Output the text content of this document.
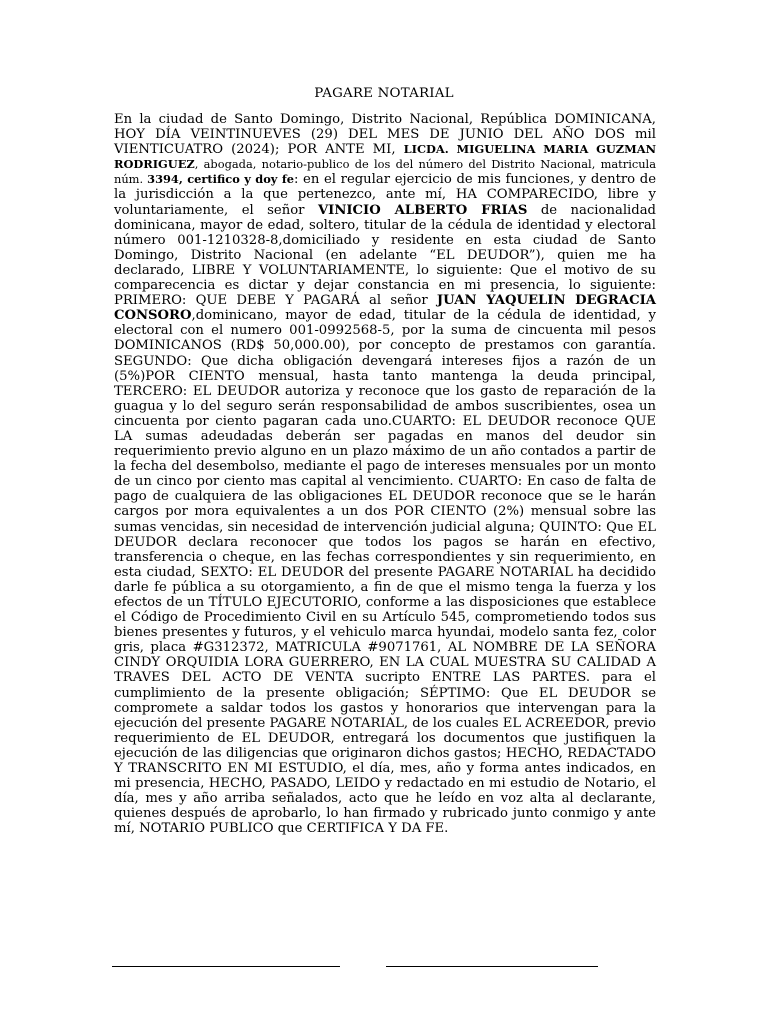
PAGARE NOTARIAL
En la ciudad de Santo Domingo, Distrito Nacional, República DOMINICANA, HOY DÍA VEINTINUEVES (29) DEL MES DE JUNIO DEL AÑO DOS mil VIENTICUATRO (2024); POR ANTE MI, LICDA. MIGUELINA MARIA GUZMAN RODRIGUEZ, abogada, notario-publico de los del número del Distrito Nacional, matricula núm. 3394, certifico y doy fe: en el regular ejercicio de mis funciones, y dentro de la jurisdicción a la que pertenezco, ante mí, HA COMPARECIDO, libre y voluntariamente, el señor VINICIO ALBERTO FRIAS de nacionalidad dominicana, mayor de edad, soltero, titular de la cédula de identidad y electoral número 001-1210328-8,domiciliado y residente en esta ciudad de Santo Domingo, Distrito Nacional (en adelante “EL DEUDOR”), quien me ha declarado, LIBRE Y VOLUNTARIAMENTE, lo siguiente: Que el motivo de su comparecencia es dictar y dejar constancia en mi presencia, lo siguiente: PRIMERO: QUE DEBE Y PAGARÁ al señor JUAN YAQUELIN DEGRACIA CONSORO,dominicano, mayor de edad, titular de la cédula de identidad, y electoral con el numero 001-0992568-5, por la suma de cincuenta mil pesos DOMINICANOS (RD$ 50,000.00), por concepto de prestamos con garantía. SEGUNDO: Que dicha obligación devengará intereses fijos a razón de un (5%)POR CIENTO mensual, hasta tanto mantenga la deuda principal, TERCERO: EL DEUDOR autoriza y reconoce que los gasto de reparación de la guagua y lo del seguro serán responsabilidad de ambos suscribientes, osea un cincuenta por ciento pagaran cada uno.CUARTO: EL DEUDOR reconoce QUE LA sumas adeudadas deberán ser pagadas en manos del deudor sin requerimiento previo alguno en un plazo máximo de un año contados a partir de la fecha del desembolso, mediante el pago de intereses mensuales por un monto de un cinco por ciento mas capital al vencimiento. CUARTO: En caso de falta de pago de cualquiera de las obligaciones EL DEUDOR reconoce que se le harán cargos por mora equivalentes a un dos POR CIENTO (2%) mensual sobre las sumas vencidas, sin necesidad de intervención judicial alguna; QUINTO: Que EL DEUDOR declara reconocer que todos los pagos se harán en efectivo, transferencia o cheque, en las fechas correspondientes y sin requerimiento, en esta ciudad, SEXTO: EL DEUDOR del presente PAGARE NOTARIAL ha decidido darle fe pública a su otorgamiento, a fin de que el mismo tenga la fuerza y los efectos de un TÍTULO EJECUTORIO, conforme a las disposiciones que establece el Código de Procedimiento Civil en su Artículo 545, comprometiendo todos sus bienes presentes y futuros, y el vehiculo marca hyundai, modelo santa fez, color gris, placa #G312372, MATRICULA #9071761, AL NOMBRE DE LA SEÑORA CINDY ORQUIDIA LORA GUERRERO, EN LA CUAL MUESTRA SU CALIDAD A TRAVES DEL ACTO DE VENTA sucripto ENTRE LAS PARTES. para el cumplimiento de la presente obligación; SÉPTIMO: Que EL DEUDOR se compromete a saldar todos los gastos y honorarios que intervengan para la ejecución del presente PAGARE NOTARIAL, de los cuales EL ACREEDOR, previo requerimiento de EL DEUDOR, entregará los documentos que justifiquen la ejecución de las diligencias que originaron dichos gastos; HECHO, REDACTADO Y TRANSCRITO EN MI ESTUDIO, el día, mes, año y forma antes indicados, en mi presencia, HECHO, PASADO, LEIDO y redactado en mi estudio de Notario, el día, mes y año arriba señalados, acto que he leído en voz alta al declarante, quienes después de aprobarlo, lo han firmado y rubricado junto conmigo y ante mí, NOTARIO PUBLICO que CERTIFICA Y DA FE.
